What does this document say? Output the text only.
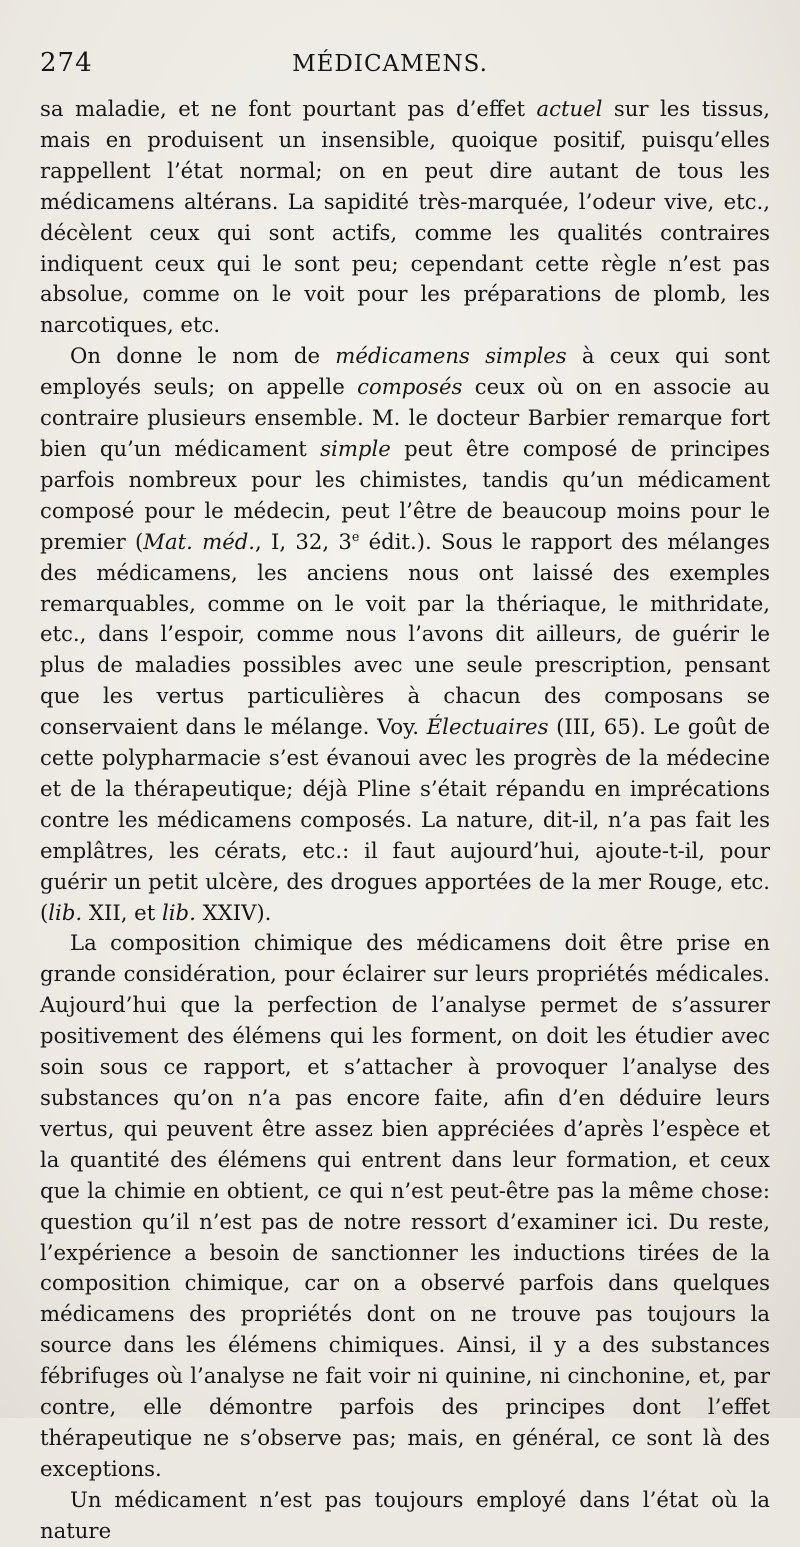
274	MÉDICAMENS.

sa maladie, et ne font pourtant pas d’effet actuel sur les tissus, mais en produisent un insensible, quoique positif, puisqu’elles rappellent l’état normal; on en peut dire autant de tous les médicamens altérans. La sapidité très-marquée, l’odeur vive, etc., décèlent ceux qui sont actifs, comme les qualités contraires indiquent ceux qui le sont peu; cependant cette règle n’est pas absolue, comme on le voit pour les préparations de plomb, les narcotiques, etc.

On donne le nom de médicamens simples à ceux qui sont employés seuls; on appelle composés ceux où on en associe au contraire plusieurs ensemble. M. le docteur Barbier remarque fort bien qu’un médicament simple peut être composé de principes parfois nombreux pour les chimistes, tandis qu’un médicament composé pour le médecin, peut l’être de beaucoup moins pour le premier (Mat. méd., I, 32, 3e édit.). Sous le rapport des mélanges des médicamens, les anciens nous ont laissé des exemples remarquables, comme on le voit par la thériaque, le mithridate, etc., dans l’espoir, comme nous l’avons dit ailleurs, de guérir le plus de maladies possibles avec une seule prescription, pensant que les vertus particulières à chacun des composans se conservaient dans le mélange. Voy. Électuaires (III, 65). Le goût de cette polypharmacie s’est évanoui avec les progrès de la médecine et de la thérapeutique; déjà Pline s’était répandu en imprécations contre les médicamens composés. La nature, dit-il, n’a pas fait les emplâtres, les cérats, etc.: il faut aujourd’hui, ajoute-t-il, pour guérir un petit ulcère, des drogues apportées de la mer Rouge, etc. (lib. XII, et lib. XXIV).

La composition chimique des médicamens doit être prise en grande considération, pour éclairer sur leurs propriétés médicales. Aujourd’hui que la perfection de l’analyse permet de s’assurer positivement des élémens qui les forment, on doit les étudier avec soin sous ce rapport, et s’attacher à provoquer l’analyse des substances qu’on n’a pas encore faite, afin d’en déduire leurs vertus, qui peuvent être assez bien appréciées d’après l’espèce et la quantité des élémens qui entrent dans leur formation, et ceux que la chimie en obtient, ce qui n’est peut-être pas la même chose: question qu’il n’est pas de notre ressort d’examiner ici. Du reste, l’expérience a besoin de sanctionner les inductions tirées de la composition chimique, car on a observé parfois dans quelques médicamens des propriétés dont on ne trouve pas toujours la source dans les élémens chimiques. Ainsi, il y a des substances fébrifuges où l’analyse ne fait voir ni quinine, ni cinchonine, et, par contre, elle démontre parfois des principes dont l’effet thérapeutique ne s’observe pas; mais, en général, ce sont là des exceptions.

Un médicament n’est pas toujours employé dans l’état où la nature
